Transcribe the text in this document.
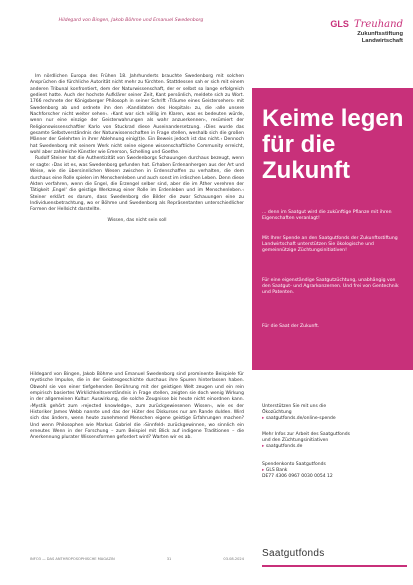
Hildegard von Bingen, Jakob Böhme und Emanuel Swedenborg

Im nördlichen Europa des Frühen 18. Jahrhunderts brauchte Swedenborg mit solchen Ansprüchen die fürchliche Autorität nicht mehr zu fürchten. Stattdessen sah er sich mit einem anderen Tribunal konfrontiert, dem der Naturwissenschaft, der er selbst so lange erfolgreich gedient hatte. Auch der hochste Aufklärer seiner Zeit, Kant persönlich, meldete sich zu Wort. 1766 rechnete der Königsberger Philosoph in seiner Schrift ›Träume eines Geistersehers‹ mit Swedenborg ab und ordnete ihn den ›Kandidaten des Hospitals‹ zu, die ›alle unsere Nachforscher nicht weiter sehen‹. ›Kant war sich völlig im Klaren, was es bedeuten würde, wenn nur eine einzige der Geisterwahrungen als wahr anzuerkennen‹, resümiert der Religionswissenschaftler Karlo von Stuckrad diese Auseinandersetzung. ›Dies wurde das gesamte Selbstverständnis der Naturwissenschaften in Frage stellen, weshalb sich die großen Männer der Gelehrten in ihrer Ablehnung einig(t)e. Ein Beweis jedoch ist das nicht.‹ Dennoch hat Swedenborg mit seinem Werk nicht seine eigene wissenschaftliche Community erreicht, wohl aber zahlreiche Künstler wie Emerson, Schelling und Goethe.

Rudolf Steiner hat die Authentizität von Swedenborgs Schauungen durchaus bezeugt, wenn er sagte: ›Das ist es, was Swedenborg gefunden hat. Erhaben Erdenanhergen aus der Art und Weise, wie die übersinnlichen Wesen zwischen in Erdenschaffen zu verhalten, die dem durchaus eine Rolle spielen im Menschenleben und auch sonst im irdischen Leben. Denn diese Akten verfahren, wenn die Engel, die Erzengel selber sind, aber die im Äther verehren der Tätigkeit ‚Engel‘ die geistige Werkzeug einer Rolle im Erdenleben und im Menschenleben.‹ Steiner erklärt es darum, dass Swedenborg die Bilder die zwar Schauungen eine zu Individuensbetrachtung, wo er Böhme und Swedenborg als Repräsentanten unterschiedlicher Formen der Hellsicht darstellte.

Wissen, das nicht sein soll

Hildegard von Bingen, Jakob Böhme und Emanuel Swedenborg sind prominente Beispiele für mystische Impulse, die in der Geistesgeschichte durchaus ihre Spuren hinterlassen haben. Obwohl sie von einer tiefgehenden Berührung mit der geistigen Welt zeugen und ein rein empirisch basiertes Wirklichkeitsverständnis in Frage stellen, zeigten sie doch wenig Wirkung in der allgemeinen Kultur: Auswirkung, die solche Zeugnisse bis heute nicht einordnen kann. ›Mystik gehört zum ›rejected knowledge‹, zum zurückgewiesenen Wissen‹, wie es der Historiker James Webb nannte und das der Hüter des Diskurses nur am Rande dulden. Wird sich das ändern, wenn heute zunehmend Menschen eigene geistige Erfahrungen machen? Und wenn Philosophen wie Markus Gabriel die ›Sinnfeld‹ zurückgewinnen, wo sinnlich ein erneutes Wenn in der Forschung – zum Beispiel mit Blick auf indigene Traditionen – die Anerkennung plurater Wissensformen gefordert wird? Warten wir es ab.

INFO3 — DAS ANTHROPOSOPHISCHE MAGAZIN	31	03.08.2024
GLS Treuhand
Zukunftsstiftung
Landwirtschaft
Keime legen für die Zukunft
... denn im Saatgut wird die zukünftige Pflanze mit ihren Eigenschaften veranlagt!
Mit Ihrer Spende an den Saatgutfonds der Zukunftsstiftung Landwirtschaft unterstützen Sie ökologische und gemeinnützige Züchtungsinitiativen!
Für eine eigenständige Saatgutzüchtung, unabhängig von den Saatgut- und Agrarkonzernen. Und frei von Gentechnik und Patenten.
Für die Saat der Zukunft.
Unterstützen Sie mit uns die
Ökozüchtung
▸ saatgutfonds.de/online-spende
Mehr Infos zur Arbeit des Saatgutfonds
und den Züchtungsinitiativen
▸ saatgutfonds.de
Spendenkonto Saatgutfonds
▸ GLS Bank
DE77 4306 0967 0030 0054 12
Saatgutfonds
